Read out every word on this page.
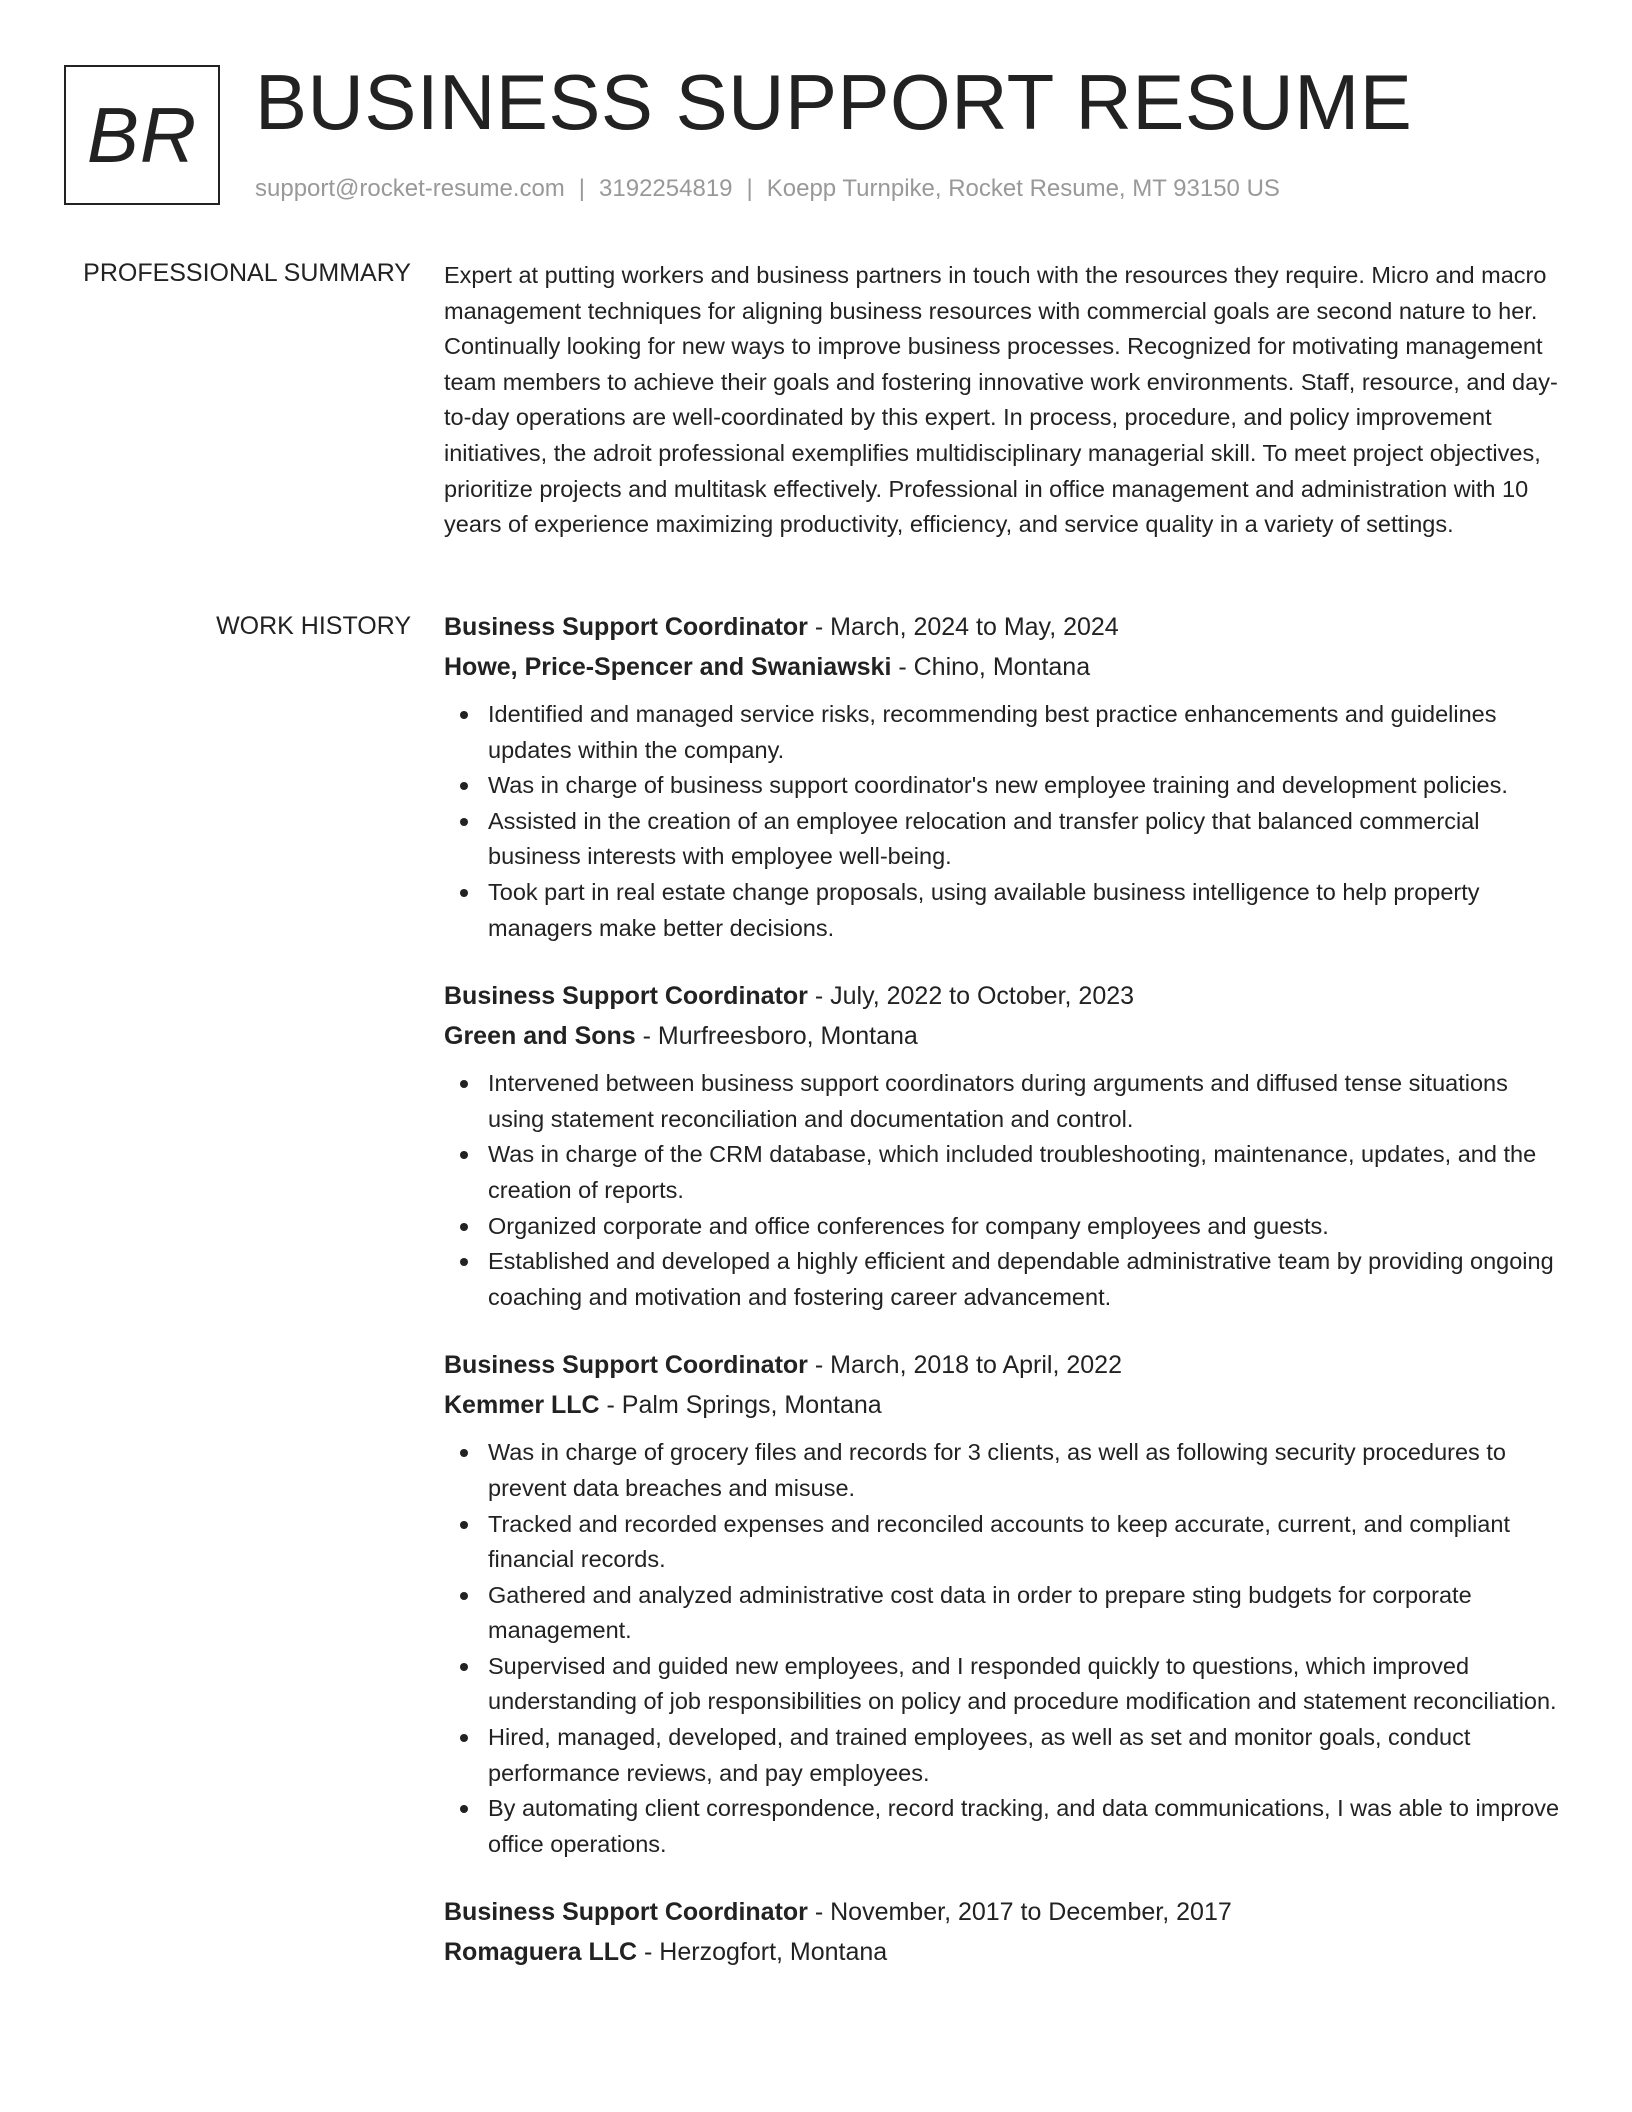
BR BUSINESS SUPPORT RESUME
support@rocket-resume.com | 3192254819 | Koepp Turnpike, Rocket Resume, MT 93150 US
PROFESSIONAL SUMMARY Expert at putting workers and business partners in touch with the resources they require. Micro and macro management techniques for aligning business resources with commercial goals are second nature to her. Continually looking for new ways to improve business processes. Recognized for motivating management team members to achieve their goals and fostering innovative work environments. Staff, resource, and day-to-day operations are well-coordinated by this expert. In process, procedure, and policy improvement initiatives, the adroit professional exemplifies multidisciplinary managerial skill. To meet project objectives, prioritize projects and multitask effectively. Professional in office management and administration with 10 years of experience maximizing productivity, efficiency, and service quality in a variety of settings.

WORK HISTORY Business Support Coordinator - March, 2024 to May, 2024
Howe, Price-Spencer and Swaniawski - Chino, Montana
Identified and managed service risks, recommending best practice enhancements and guidelines updates within the company.
Was in charge of business support coordinator's new employee training and development policies.
Assisted in the creation of an employee relocation and transfer policy that balanced commercial business interests with employee well-being.
Took part in real estate change proposals, using available business intelligence to help property managers make better decisions.
Business Support Coordinator - July, 2022 to October, 2023
Green and Sons - Murfreesboro, Montana
Intervened between business support coordinators during arguments and diffused tense situations using statement reconciliation and documentation and control.
Was in charge of the CRM database, which included troubleshooting, maintenance, updates, and the creation of reports.
Organized corporate and office conferences for company employees and guests.
Established and developed a highly efficient and dependable administrative team by providing ongoing coaching and motivation and fostering career advancement.
Business Support Coordinator - March, 2018 to April, 2022
Kemmer LLC - Palm Springs, Montana
Was in charge of grocery files and records for 3 clients, as well as following security procedures to prevent data breaches and misuse.
Tracked and recorded expenses and reconciled accounts to keep accurate, current, and compliant financial records.
Gathered and analyzed administrative cost data in order to prepare sting budgets for corporate management.
Supervised and guided new employees, and I responded quickly to questions, which improved understanding of job responsibilities on policy and procedure modification and statement reconciliation.
Hired, managed, developed, and trained employees, as well as set and monitor goals, conduct performance reviews, and pay employees.
By automating client correspondence, record tracking, and data communications, I was able to improve office operations.
Business Support Coordinator - November, 2017 to December, 2017
Romaguera LLC - Herzogfort, Montana
